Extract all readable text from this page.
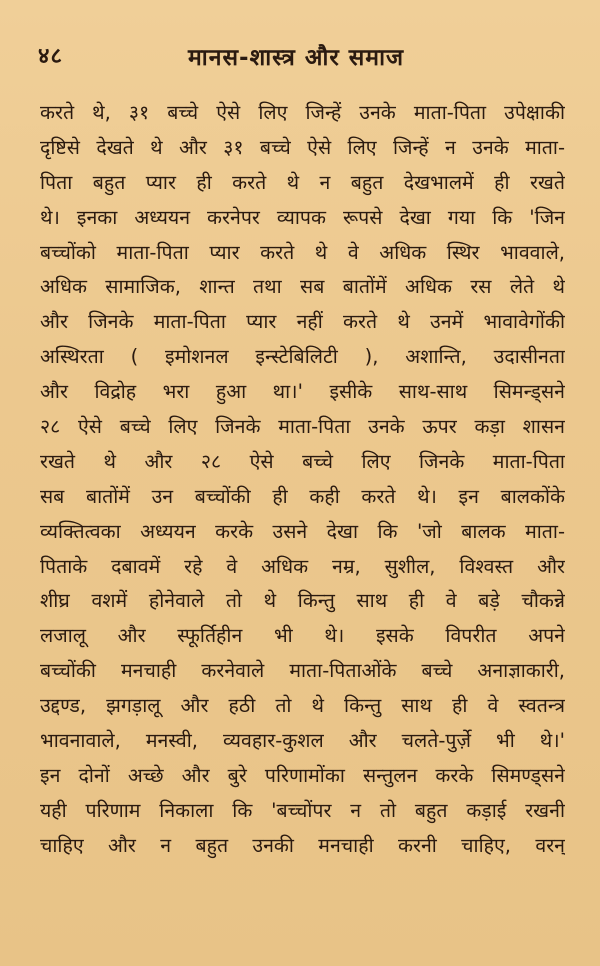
४८	मानस-शास्त्र और समाज
करते थे, ३१ बच्चे ऐसे लिए जिन्हें उनके माता-पिता उपेक्षाकी
दृष्टिसे देखते थे और ३१ बच्चे ऐसे लिए जिन्हें न उनके माता-
पिता बहुत प्यार ही करते थे न बहुत देखभालमें ही रखते
थे। इनका अध्ययन करनेपर व्यापक रूपसे देखा गया कि 'जिन
बच्चोंको माता-पिता प्यार करते थे वे अधिक स्थिर भाववाले,
अधिक सामाजिक, शान्त तथा सब बातोंमें अधिक रस लेते थे
और जिनके माता-पिता प्यार नहीं करते थे उनमें भावावेगोंकी
अस्थिरता ( इमोशनल इन्स्टेबिलिटी ), अशान्ति, उदासीनता
और विद्रोह भरा हुआ था।' इसीके साथ-साथ सिमन्ड्सने
२८ ऐसे बच्चे लिए जिनके माता-पिता उनके ऊपर कड़ा शासन
रखते थे और २८ ऐसे बच्चे लिए जिनके माता-पिता
सब बातोंमें उन बच्चोंकी ही कही करते थे। इन बालकोंके
व्यक्तित्वका अध्ययन करके उसने देखा कि 'जो बालक माता-
पिताके दबावमें रहे वे अधिक नम्र, सुशील, विश्वस्त और
शीघ्र वशमें होनेवाले तो थे किन्तु साथ ही वे बड़े चौकन्ने
लजालू और स्फूर्तिहीन भी थे। इसके विपरीत अपने
बच्चोंकी मनचाही करनेवाले माता-पिताओंके बच्चे अनाज्ञाकारी,
उद्दण्ड, झगड़ालू और हठी तो थे किन्तु साथ ही वे स्वतन्त्र
भावनावाले, मनस्वी, व्यवहार-कुशल और चलते-पुर्ज़े भी थे।'
इन दोनों अच्छे और बुरे परिणामोंका सन्तुलन करके सिमण्ड्सने
यही परिणाम निकाला कि 'बच्चोंपर न तो बहुत कड़ाई रखनी
चाहिए और न बहुत उनकी मनचाही करनी चाहिए, वरन्
